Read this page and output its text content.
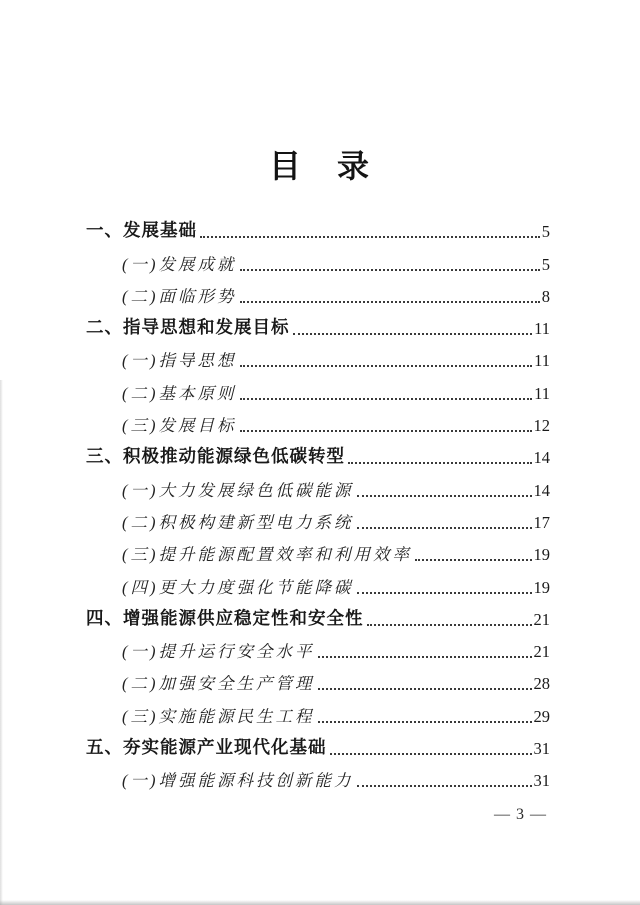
目　录
一、发展基础	5
(一)发展成就	5
(二)面临形势	8
二、指导思想和发展目标	11
(一)指导思想	11
(二)基本原则	11
(三)发展目标	12
三、积极推动能源绿色低碳转型	14
(一)大力发展绿色低碳能源	14
(二)积极构建新型电力系统	17
(三)提升能源配置效率和利用效率	19
(四)更大力度强化节能降碳	19
四、增强能源供应稳定性和安全性	21
(一)提升运行安全水平	21
(二)加强安全生产管理	28
(三)实施能源民生工程	29
五、夯实能源产业现代化基础	31
(一)增强能源科技创新能力	31
— 3 —
